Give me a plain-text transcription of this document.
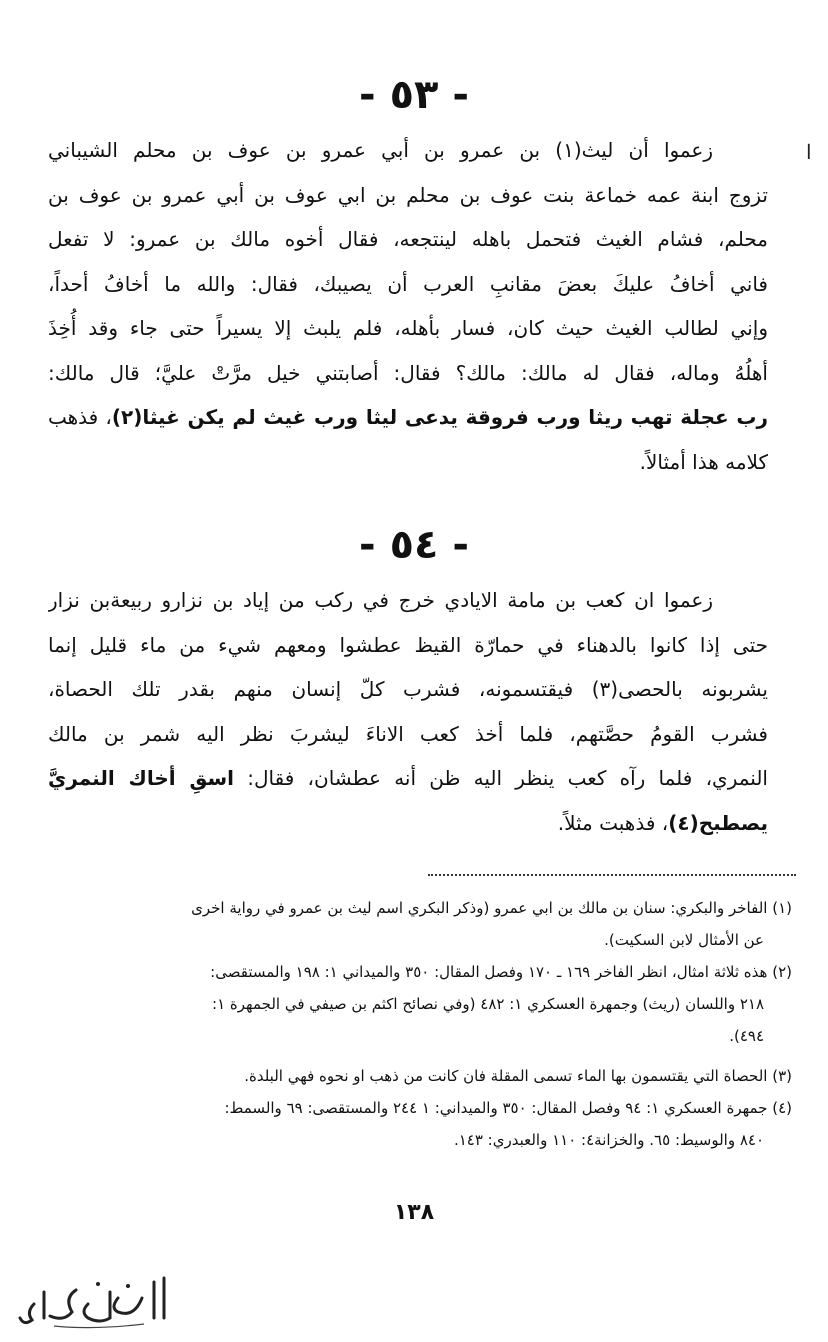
ا
- ٥٣ -
زعموا أن ليث(١) بن عمرو بن أبي عمرو بن عوف بن محلم الشيباني
تزوج ابنة عمه خماعة بنت عوف بن محلم بن ابي عوف بن أبي عمرو بن عوف بن
محلم، فشام الغيث فتحمل باهله لينتجعه، فقال أخوه مالك بن عمرو: لا تفعل
فاني أخافُ عليكَ بعضَ مقانبِ العرب أن يصيبك، فقال: والله ما أخافُ أحداً،
وإني لطالب الغيث حيث كان، فسار بأهله، فلم يلبث إلا يسيراً حتى جاء وقد أُخِذَ
أهلُهُ وماله، فقال له مالك: مالك؟ فقال: أصابتني خيل مرَّتْ عليَّ؛ قال مالك:
رب عجلة تهب ريثا ورب فروقة يدعى ليثا ورب غيث لم يكن غيثا(٢)، فذهب
كلامه هذا أمثالاً.
- ٥٤ -
زعموا ان كعب بن مامة الايادي خرج في ركب من إياد بن نزارو ربيعةبن نزار
حتى إذا كانوا بالدهناء في حمارّة القيظ عطشوا ومعهم شيء من ماء قليل إنما
يشربونه بالحصى(٣) فيقتسمونه، فشرب كلّ إنسان منهم بقدر تلك الحصاة،
فشرب القومُ حصَّتهم، فلما أخذ كعب الاناءَ ليشربَ نظر اليه شمر بن مالك
النمري، فلما رآه كعب ينظر اليه ظن أنه عطشان، فقال: اسقِ أخاك النمريَّ
يصطبح(٤)، فذهبت مثلاً.
(١) الفاخر والبكري: سنان بن مالك بن ابي عمرو (وذكر البكري اسم ليث بن عمرو في رواية اخرى
عن الأمثال لابن السكيت).
(٢) هذه ثلاثة امثال، انظر الفاخر ١٦٩ ـ ١٧٠ وفصل المقال: ٣٥٠ والميداني ١: ١٩٨ والمستقصى:
٢١٨ واللسان (ريث) وجمهرة العسكري ١: ٤٨٢ (وفي نصائح اكثم بن صيفي في الجمهرة ١:
٤٩٤).
(٣) الحصاة التي يقتسمون بها الماء تسمى المقلة فان كانت من ذهب او نحوه فهي البلدة.
(٤) جمهرة العسكري ١: ٩٤ وفصل المقال: ٣٥٠ والميداني: ١ ٢٤٤ والمستقصى: ٦٩ والسمط:
٨٤٠ والوسيط: ٦٥. والخزانة٤: ١١٠ والعبدري: ١٤٣.
١٣٨
